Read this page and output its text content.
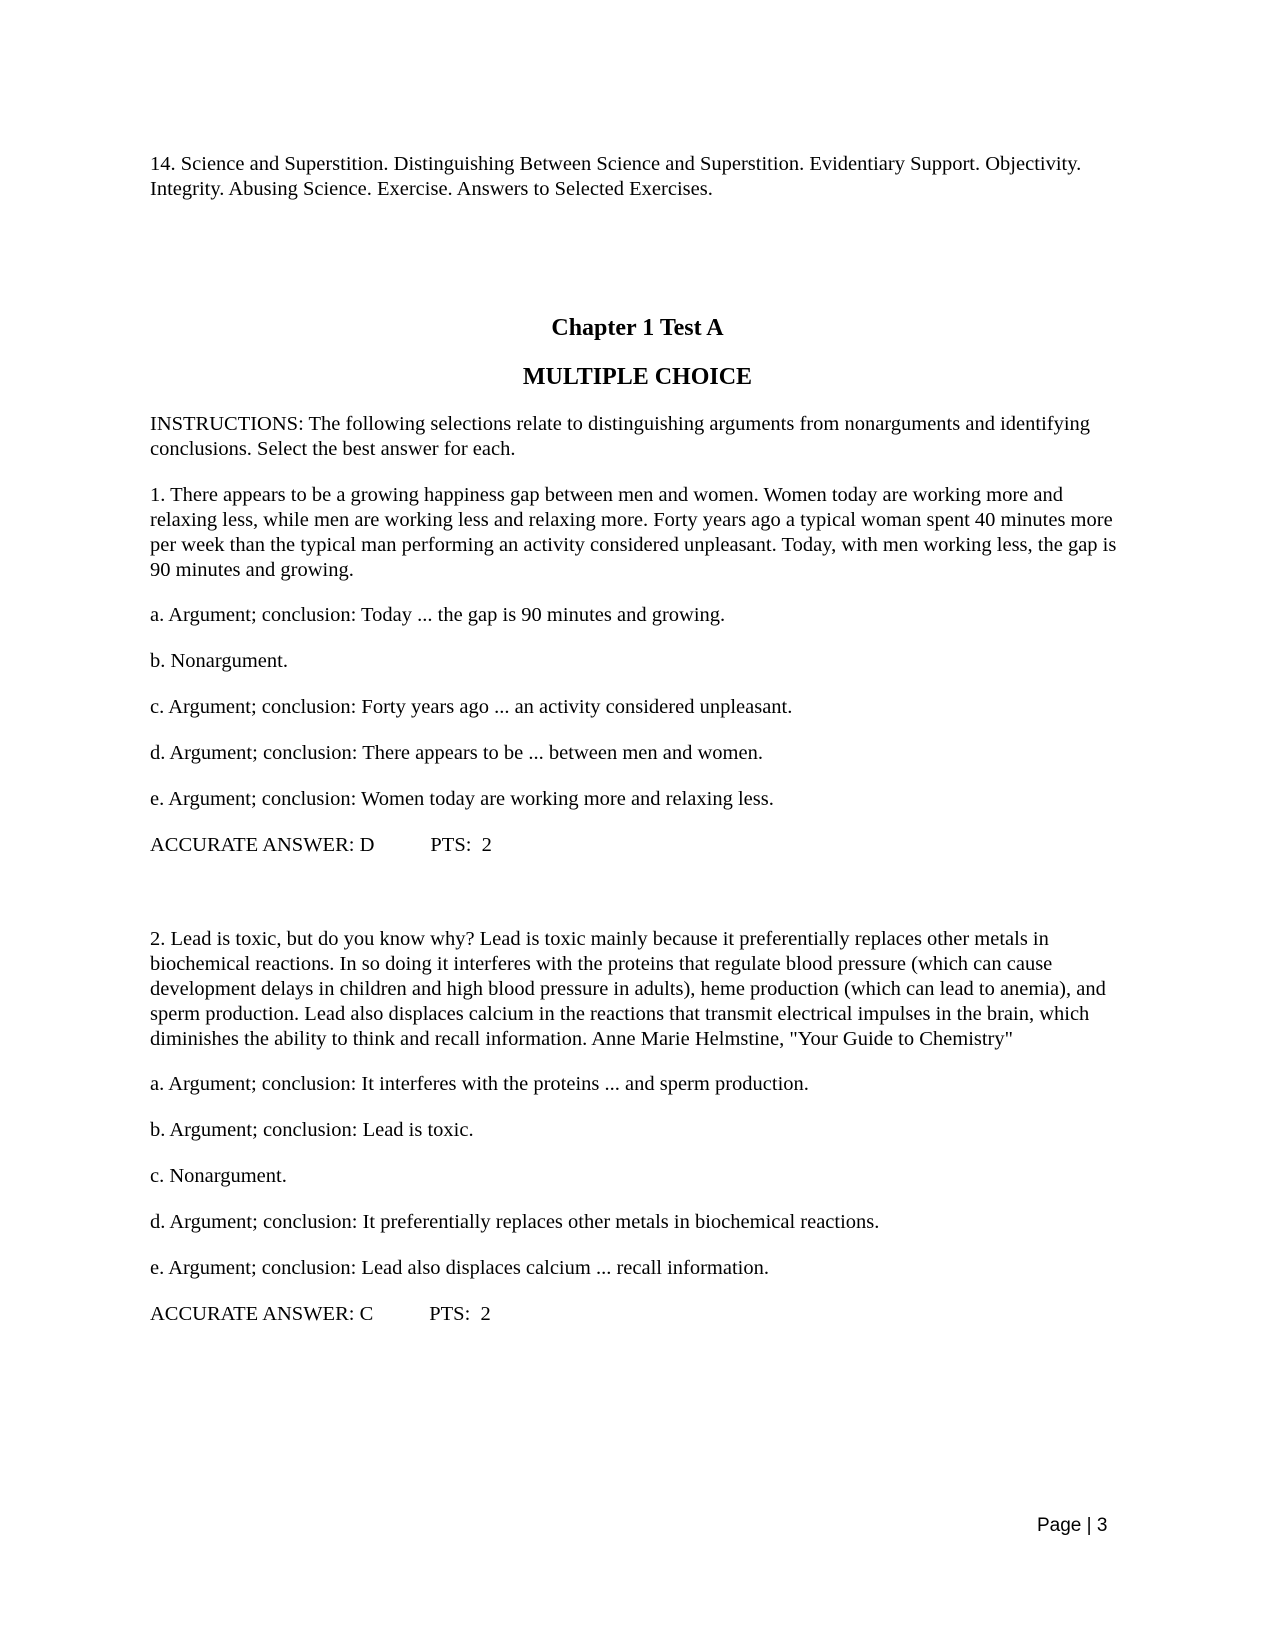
14. Science and Superstition. Distinguishing Between Science and Superstition. Evidentiary Support. Objectivity. Integrity. Abusing Science. Exercise. Answers to Selected Exercises.

Chapter 1 Test A
MULTIPLE CHOICE

INSTRUCTIONS: The following selections relate to distinguishing arguments from nonarguments and identifying conclusions. Select the best answer for each.

1. There appears to be a growing happiness gap between men and women. Women today are working more and relaxing less, while men are working less and relaxing more. Forty years ago a typical woman spent 40 minutes more per week than the typical man performing an activity considered unpleasant. Today, with men working less, the gap is 90 minutes and growing.

a. Argument; conclusion: Today ... the gap is 90 minutes and growing.

b. Nonargument.

c. Argument; conclusion: Forty years ago ... an activity considered unpleasant.

d. Argument; conclusion: There appears to be ... between men and women.

e. Argument; conclusion: Women today are working more and relaxing less.

ACCURATE ANSWER: D	PTS:  2

2. Lead is toxic, but do you know why? Lead is toxic mainly because it preferentially replaces other metals in biochemical reactions. In so doing it interferes with the proteins that regulate blood pressure (which can cause development delays in children and high blood pressure in adults), heme production (which can lead to anemia), and sperm production. Lead also displaces calcium in the reactions that transmit electrical impulses in the brain, which diminishes the ability to think and recall information. Anne Marie Helmstine, "Your Guide to Chemistry"

a. Argument; conclusion: It interferes with the proteins ... and sperm production.

b. Argument; conclusion: Lead is toxic.

c. Nonargument.

d. Argument; conclusion: It preferentially replaces other metals in biochemical reactions.

e. Argument; conclusion: Lead also displaces calcium ... recall information.

ACCURATE ANSWER: C	PTS:  2

Page | 3
